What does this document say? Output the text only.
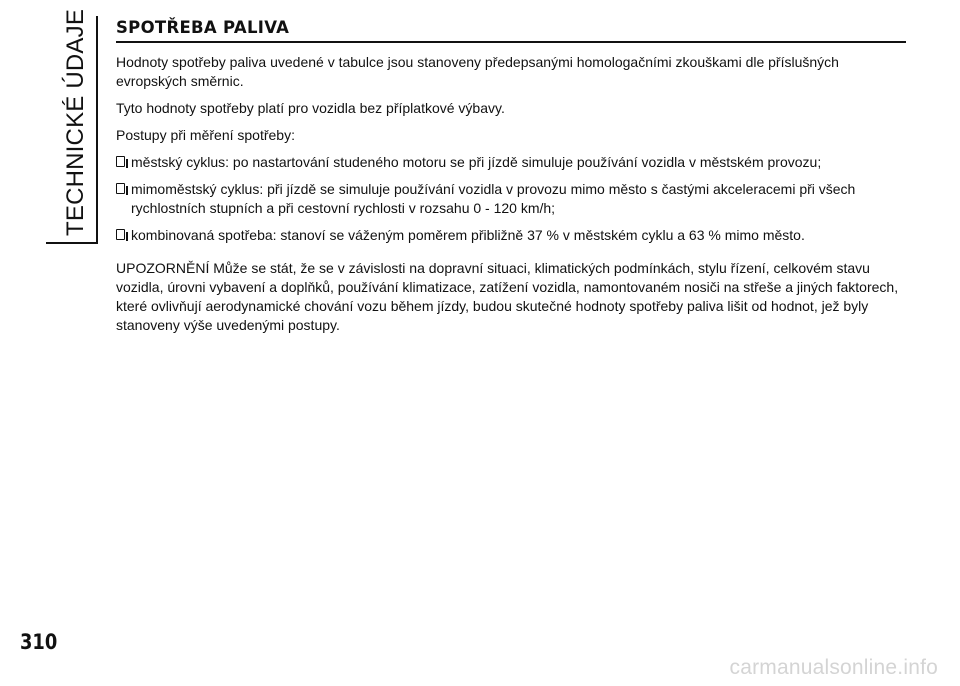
TECHNICKÉ ÚDAJE
310
SPOTŘEBA PALIVA

Hodnoty spotřeby paliva uvedené v tabulce jsou stanoveny předepsanými homologačními zkouškami dle příslušných evropských směrnic.

Tyto hodnoty spotřeby platí pro vozidla bez příplatkové výbavy.

Postupy při měření spotřeby:

městský cyklus: po nastartování studeného motoru se při jízdě simuluje používání vozidla v městském provozu;
mimoměstský cyklus: při jízdě se simuluje používání vozidla v provozu mimo město s častými akceleracemi při všech rychlostních stupních a při cestovní rychlosti v rozsahu 0 - 120 km/h;
kombinovaná spotřeba: stanoví se váženým poměrem přibližně 37 % v městském cyklu a 63 % mimo město.

UPOZORNĚNÍ Může se stát, že se v závislosti na dopravní situaci, klimatických podmínkách, stylu řízení, celkovém stavu vozidla, úrovni vybavení a doplňků, používání klimatizace, zatížení vozidla, namontovaném nosiči na střeše a jiných faktorech, které ovlivňují aerodynamické chování vozu během jízdy, budou skutečné hodnoty spotřeby paliva lišit od hodnot, jež byly stanoveny výše uvedenými postupy.

carmanualsonline.info
